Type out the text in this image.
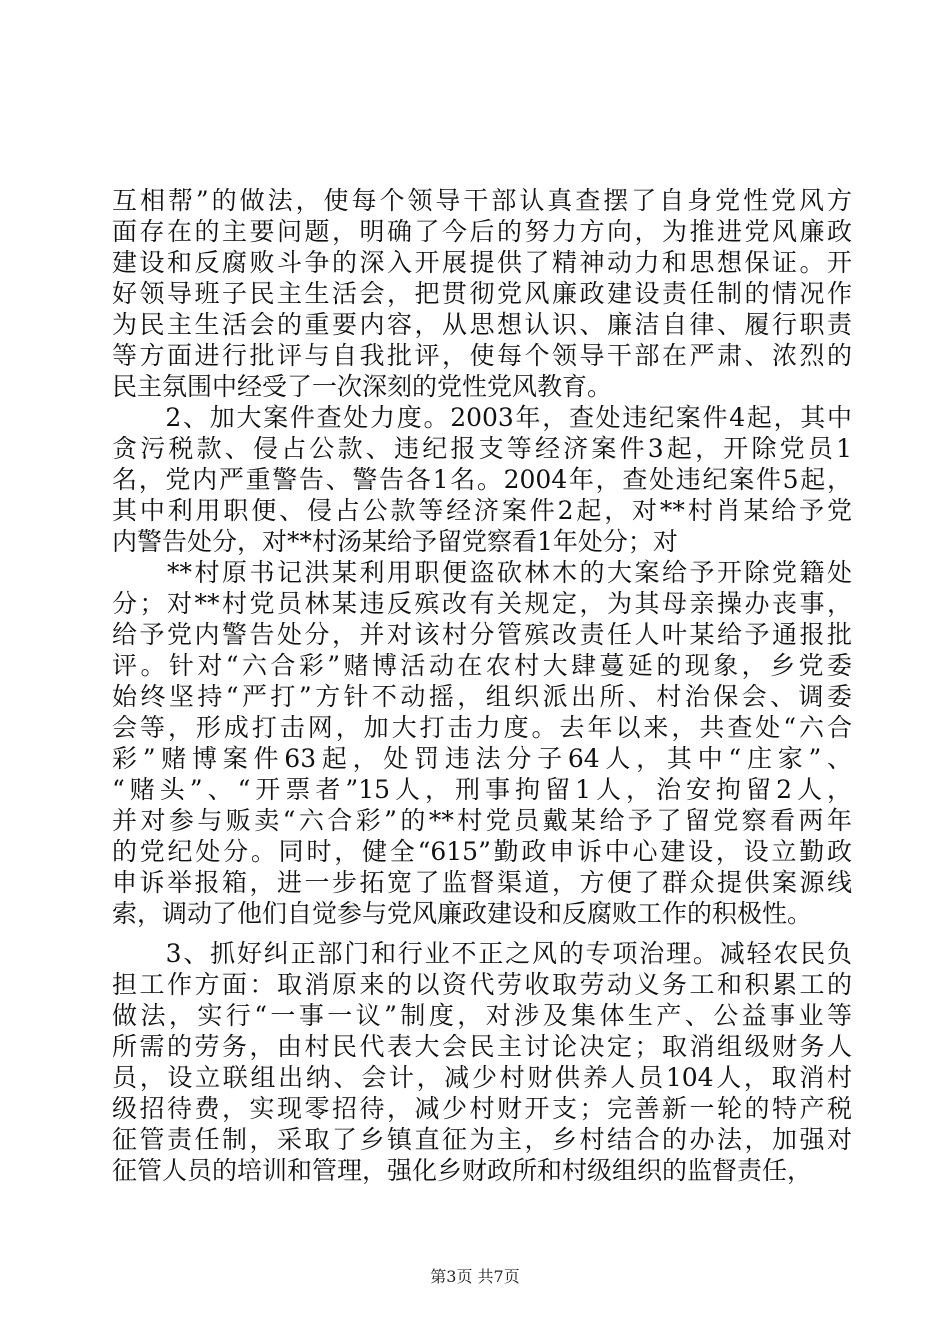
互相帮”的做法，使每个领导干部认真查摆了自身党性党风方
面存在的主要问题，明确了今后的努力方向，为推进党风廉政
建设和反腐败斗争的深入开展提供了精神动力和思想保证。开
好领导班子民主生活会，把贯彻党风廉政建设责任制的情况作
为民主生活会的重要内容，从思想认识、廉洁自律、履行职责
等方面进行批评与自我批评，使每个领导干部在严肃、浓烈的
民主氛围中经受了一次深刻的党性党风教育。
　　2、加大案件查处力度。2003年，查处违纪案件4起，其中
贪污税款、侵占公款、违纪报支等经济案件3起，开除党员1
名，党内严重警告、警告各1名。2004年，查处违纪案件5起，
其中利用职便、侵占公款等经济案件2起，对**村肖某给予党
内警告处分，对**村汤某给予留党察看1年处分；对
　　**村原书记洪某利用职便盗砍林木的大案给予开除党籍处
分；对**村党员林某违反殡改有关规定，为其母亲操办丧事，
给予党内警告处分，并对该村分管殡改责任人叶某给予通报批
评。针对“六合彩”赌博活动在农村大肆蔓延的现象，乡党委
始终坚持“严打”方针不动摇，组织派出所、村治保会、调委
会等，形成打击网，加大打击力度。去年以来，共查处“六合
彩”赌博案件63起，处罚违法分子64人，其中“庄家”、
“赌头”、“开票者”15人，刑事拘留1人，治安拘留2人，
并对参与贩卖“六合彩”的**村党员戴某给予了留党察看两年
的党纪处分。同时，健全“615”勤政申诉中心建设，设立勤政
申诉举报箱，进一步拓宽了监督渠道，方便了群众提供案源线
索，调动了他们自觉参与党风廉政建设和反腐败工作的积极性。
　　3、抓好纠正部门和行业不正之风的专项治理。减轻农民负
担工作方面：取消原来的以资代劳收取劳动义务工和积累工的
做法，实行“一事一议”制度，对涉及集体生产、公益事业等
所需的劳务，由村民代表大会民主讨论决定；取消组级财务人
员，设立联组出纳、会计，减少村财供养人员104人，取消村
级招待费，实现零招待，减少村财开支；完善新一轮的特产税
征管责任制，采取了乡镇直征为主，乡村结合的办法，加强对
征管人员的培训和管理，强化乡财政所和村级组织的监督责任，
第3页 共7页
